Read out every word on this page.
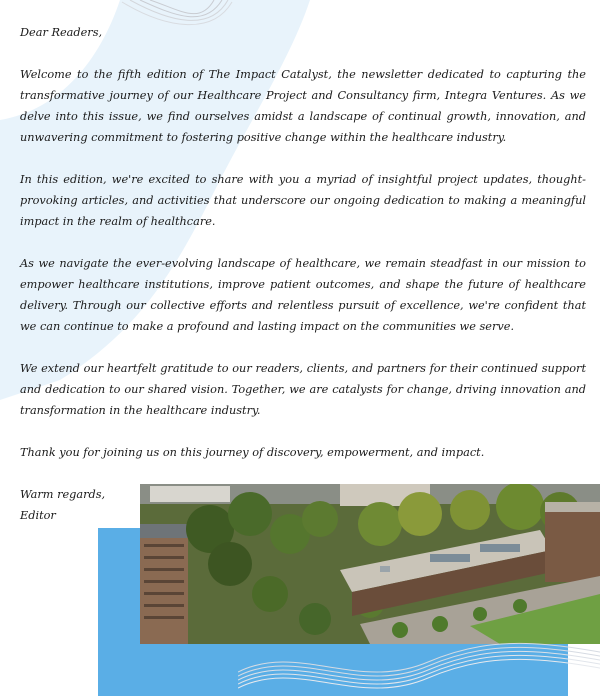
Dear Readers,

Welcome to the fifth edition of The Impact Catalyst, the newsletter dedicated to capturing the transformative journey of our Healthcare Project and Consultancy firm, Integra Ventures. As we delve into this issue, we find ourselves amidst a landscape of continual growth, innovation, and unwavering commitment to fostering positive change within the healthcare industry.

In this edition, we're excited to share with you a myriad of insightful project updates, thought-provoking articles, and activities that underscore our ongoing dedication to making a meaningful impact in the realm of healthcare.

As we navigate the ever-evolving landscape of healthcare, we remain steadfast in our mission to empower healthcare institutions, improve patient outcomes, and shape the future of healthcare delivery. Through our collective efforts and relentless pursuit of excellence, we're confident that we can continue to make a profound and lasting impact on the communities we serve.

We extend our heartfelt gratitude to our readers, clients, and partners for their continued support and dedication to our shared vision. Together, we are catalysts for change, driving innovation and transformation in the healthcare industry.

Thank you for joining us on this journey of discovery, empowerment, and impact.

Warm regards,

Editor
